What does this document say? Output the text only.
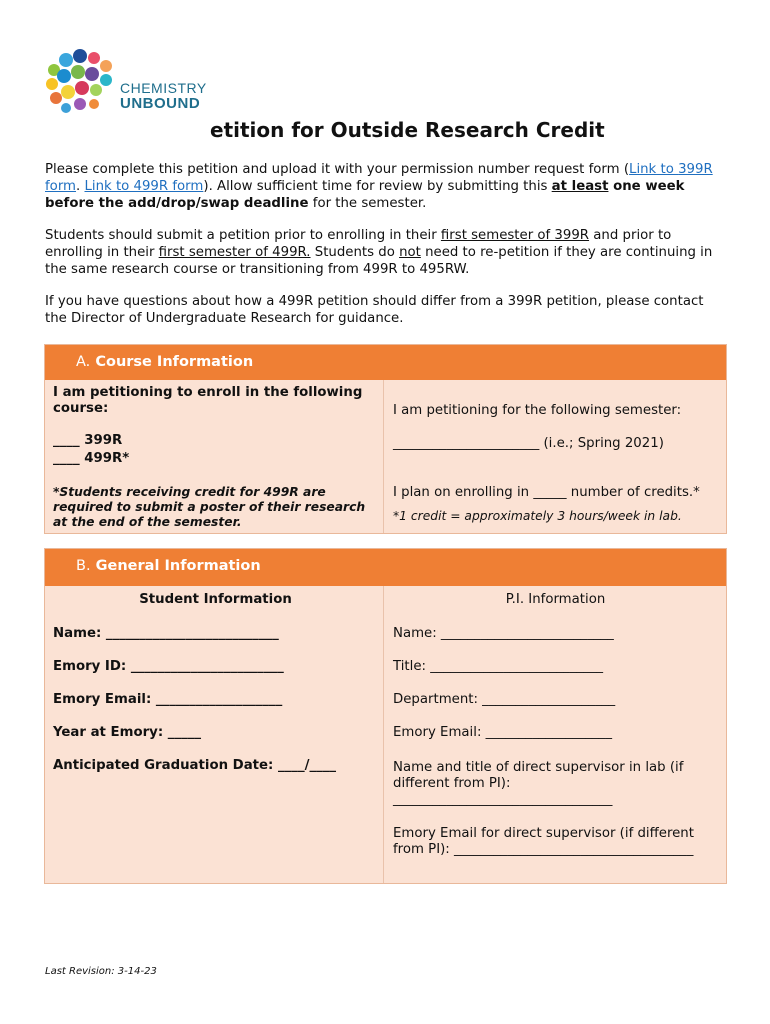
CHEMISTRY
UNBOUND
etition for Outside Research Credit
Please complete this petition and upload it with your permission number request form (Link to 399R form. Link to 499R form). Allow sufficient time for review by submitting this at least one week before the add/drop/swap deadline for the semester.
Students should submit a petition prior to enrolling in their first semester of 399R and prior to enrolling in their first semester of 499R. Students do not need to re-petition if they are continuing in the same research course or transitioning from 499R to 495RW.
If you have questions about how a 499R petition should differ from a 399R petition, please contact the Director of Undergraduate Research for guidance.
A. Course Information
I am petitioning to enroll in the following course:
____ 399R
____ 499R*
*Students receiving credit for 499R are required to submit a poster of their research at the end of the semester.
I am petitioning for the following semester:
______________________ (i.e.; Spring 2021)
I plan on enrolling in _____ number of credits.*
*1 credit = approximately 3 hours/week in lab.
B. General Information
Student Information	P.I. Information
Name: __________________________
Emory ID: _______________________
Emory Email: ___________________
Year at Emory: _____
Anticipated Graduation Date: ____/____
Name: __________________________
Title: __________________________
Department: ____________________
Emory Email: ___________________
Name and title of direct supervisor in lab (if different from PI): _________________________________
Emory Email for direct supervisor (if different from PI): ____________________________________
Last Revision: 3-14-23
